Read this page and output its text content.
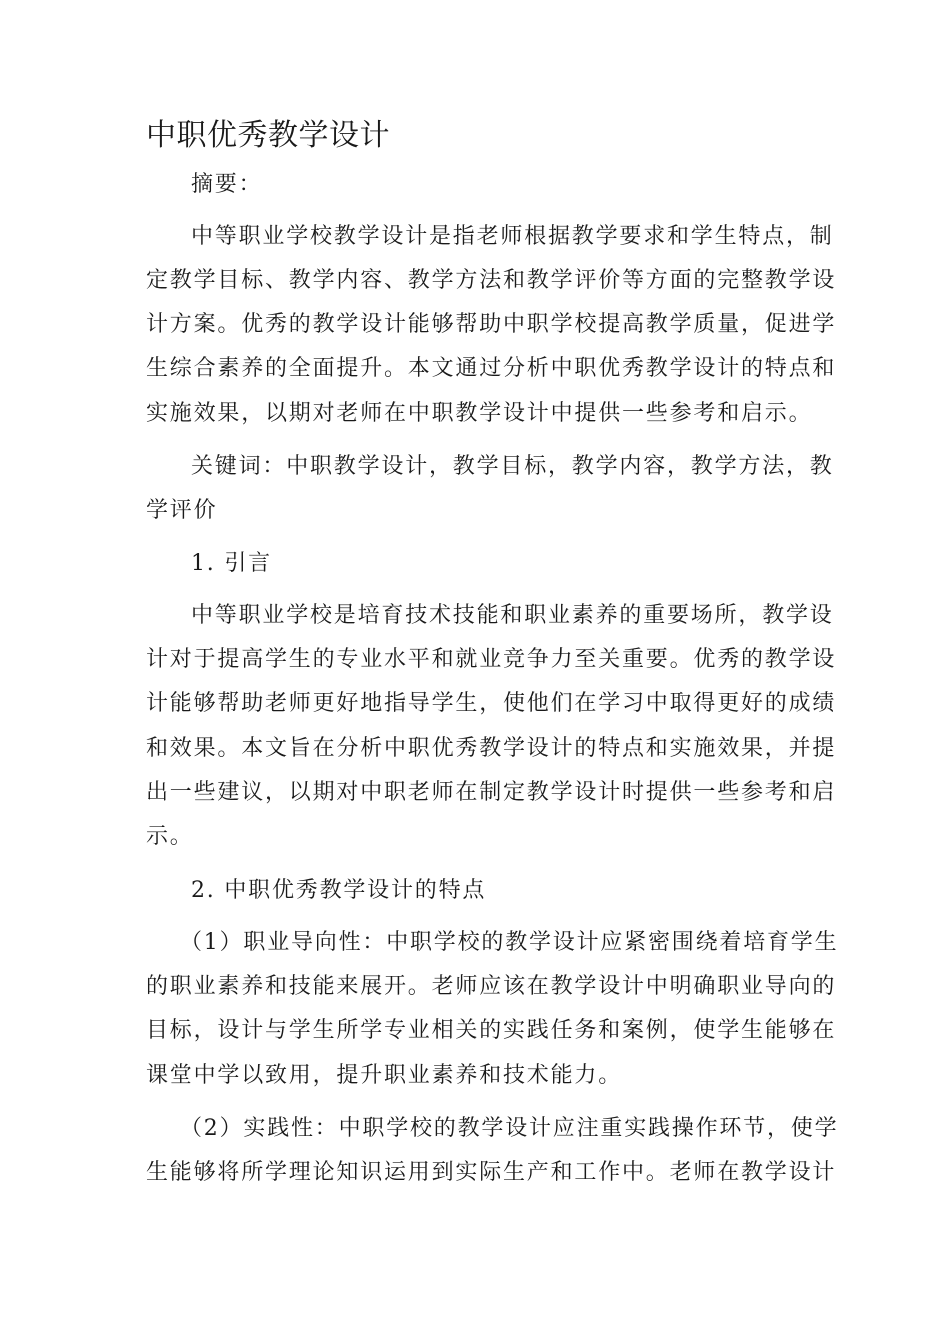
中职优秀教学设计
摘要：
中等职业学校教学设计是指老师根据教学要求和学生特点，制
定教学目标、教学内容、教学方法和教学评价等方面的完整教学设
计方案。优秀的教学设计能够帮助中职学校提高教学质量，促进学
生综合素养的全面提升。本文通过分析中职优秀教学设计的特点和
实施效果，以期对老师在中职教学设计中提供一些参考和启示。
关键词：中职教学设计，教学目标，教学内容，教学方法，教
学评价
1. 引言
中等职业学校是培育技术技能和职业素养的重要场所，教学设
计对于提高学生的专业水平和就业竞争力至关重要。优秀的教学设
计能够帮助老师更好地指导学生，使他们在学习中取得更好的成绩
和效果。本文旨在分析中职优秀教学设计的特点和实施效果，并提
出一些建议，以期对中职老师在制定教学设计时提供一些参考和启
示。
2. 中职优秀教学设计的特点
（1）职业导向性：中职学校的教学设计应紧密围绕着培育学生
的职业素养和技能来展开。老师应该在教学设计中明确职业导向的
目标，设计与学生所学专业相关的实践任务和案例，使学生能够在
课堂中学以致用，提升职业素养和技术能力。
（2）实践性：中职学校的教学设计应注重实践操作环节，使学
生能够将所学理论知识运用到实际生产和工作中。老师在教学设计
